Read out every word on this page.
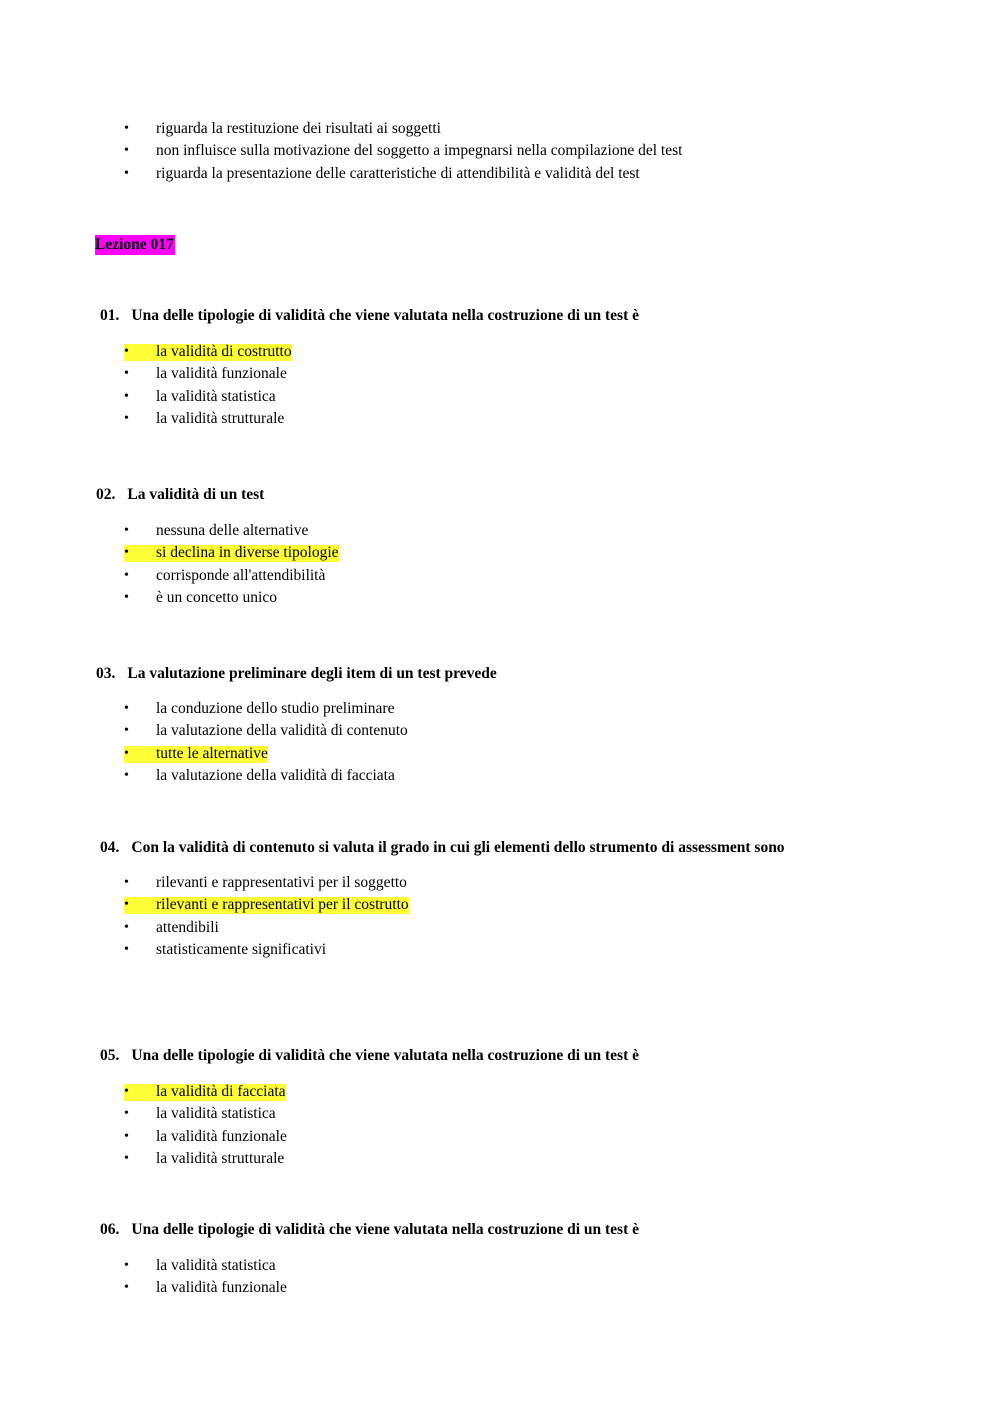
• riguarda la restituzione dei risultati ai soggetti
• non influisce sulla motivazione del soggetto a impegnarsi nella compilazione del test
• riguarda la presentazione delle caratteristiche di attendibilità e validità del test
Lezione 017
01. Una delle tipologie di validità che viene valutata nella costruzione di un test è
• la validità di costrutto
• la validità funzionale
• la validità statistica
• la validità strutturale
02. La validità di un test
• nessuna delle alternative
• si declina in diverse tipologie
• corrisponde all'attendibilità
• è un concetto unico
03. La valutazione preliminare degli item di un test prevede
• la conduzione dello studio preliminare
• la valutazione della validità di contenuto
• tutte le alternative
• la valutazione della validità di facciata
04. Con la validità di contenuto si valuta il grado in cui gli elementi dello strumento di assessment sono
• rilevanti e rappresentativi per il soggetto
• rilevanti e rappresentativi per il costrutto
• attendibili
• statisticamente significativi
05. Una delle tipologie di validità che viene valutata nella costruzione di un test è
• la validità di facciata
• la validità statistica
• la validità funzionale
• la validità strutturale
06. Una delle tipologie di validità che viene valutata nella costruzione di un test è
• la validità statistica
• la validità funzionale
